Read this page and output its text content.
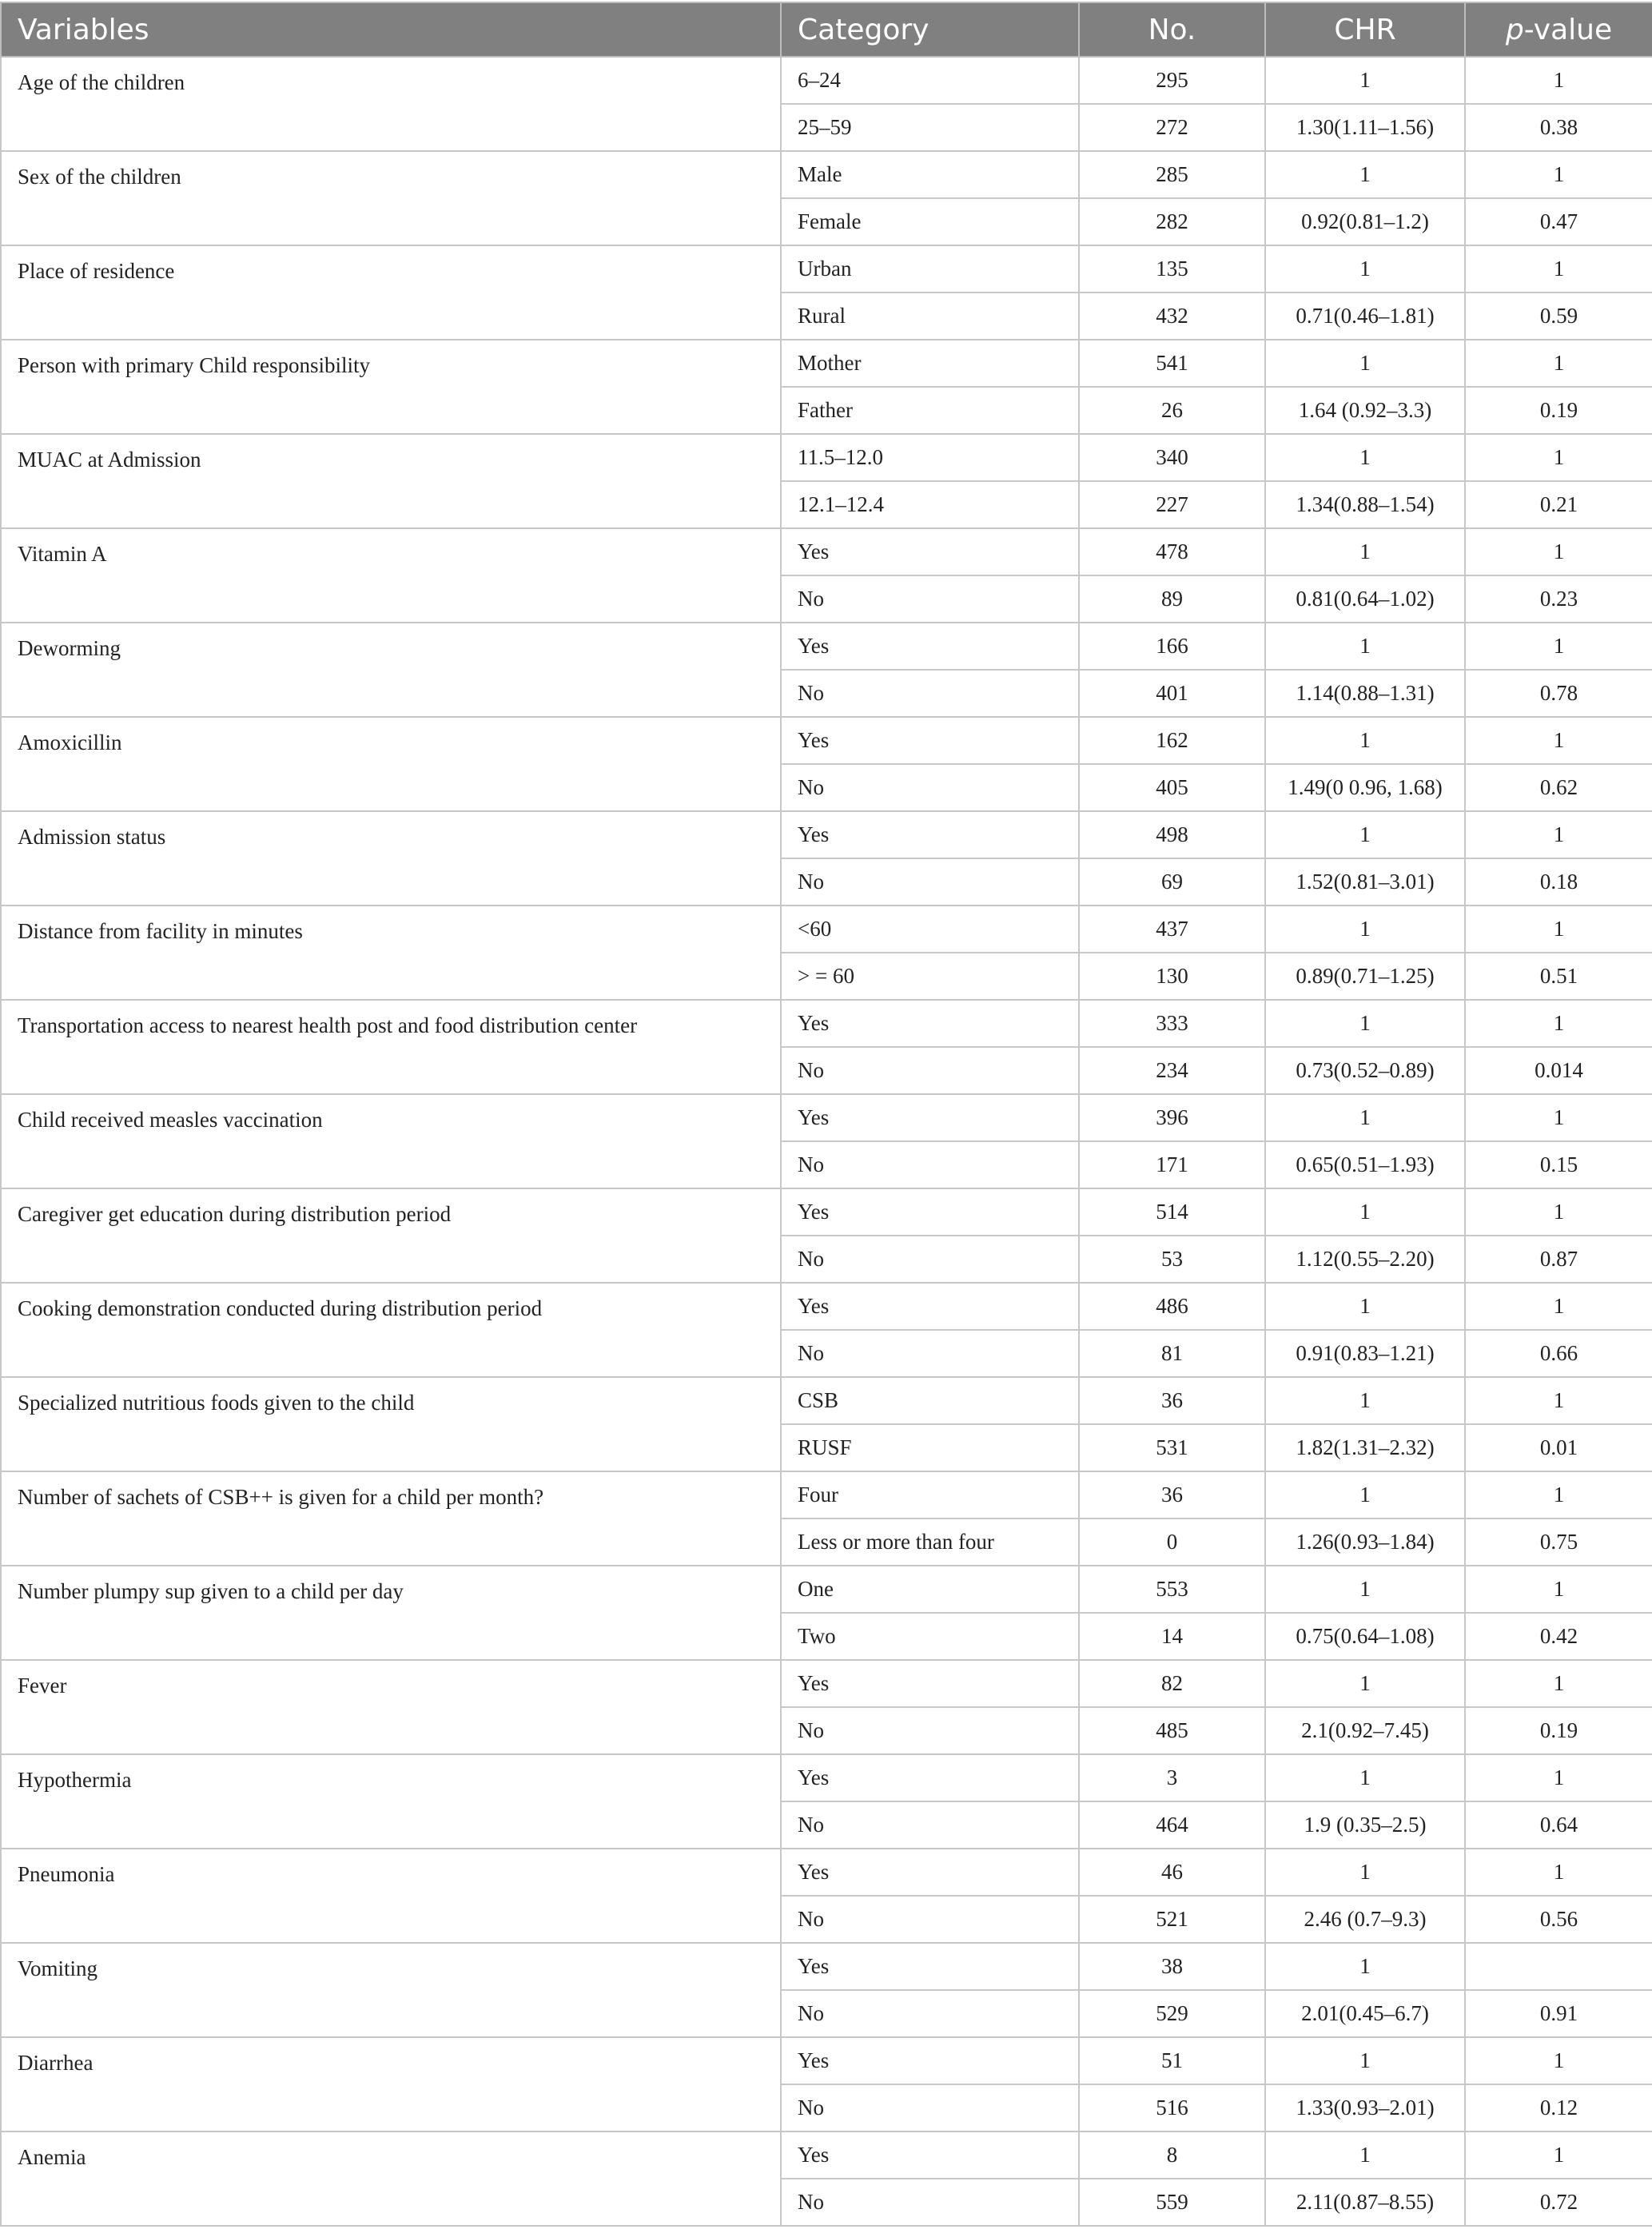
Variables	Category	No.	CHR	p-value
Age of the children	6–24	295	1	1
	25–59	272	1.30(1.11–1.56)	0.38
Sex of the children	Male	285	1	1
	Female	282	0.92(0.81–1.2)	0.47
Place of residence	Urban	135	1	1
	Rural	432	0.71(0.46–1.81)	0.59
Person with primary Child responsibility	Mother	541	1	1
	Father	26	1.64 (0.92–3.3)	0.19
MUAC at Admission	11.5–12.0	340	1	1
	12.1–12.4	227	1.34(0.88–1.54)	0.21
Vitamin A	Yes	478	1	1
	No	89	0.81(0.64–1.02)	0.23
Deworming	Yes	166	1	1
	No	401	1.14(0.88–1.31)	0.78
Amoxicillin	Yes	162	1	1
	No	405	1.49(0 0.96, 1.68)	0.62
Admission status	Yes	498	1	1
	No	69	1.52(0.81–3.01)	0.18
Distance from facility in minutes	<60	437	1	1
	> = 60	130	0.89(0.71–1.25)	0.51
Transportation access to nearest health post and food distribution center	Yes	333	1	1
	No	234	0.73(0.52–0.89)	0.014
Child received measles vaccination	Yes	396	1	1
	No	171	0.65(0.51–1.93)	0.15
Caregiver get education during distribution period	Yes	514	1	1
	No	53	1.12(0.55–2.20)	0.87
Cooking demonstration conducted during distribution period	Yes	486	1	1
	No	81	0.91(0.83–1.21)	0.66
Specialized nutritious foods given to the child	CSB	36	1	1
	RUSF	531	1.82(1.31–2.32)	0.01
Number of sachets of CSB++ is given for a child per month?	Four	36	1	1
	Less or more than four	0	1.26(0.93–1.84)	0.75
Number plumpy sup given to a child per day	One	553	1	1
	Two	14	0.75(0.64–1.08)	0.42
Fever	Yes	82	1	1
	No	485	2.1(0.92–7.45)	0.19
Hypothermia	Yes	3	1	1
	No	464	1.9 (0.35–2.5)	0.64
Pneumonia	Yes	46	1	1
	No	521	2.46 (0.7–9.3)	0.56
Vomiting	Yes	38	1	
	No	529	2.01(0.45–6.7)	0.91
Diarrhea	Yes	51	1	1
	No	516	1.33(0.93–2.01)	0.12
Anemia	Yes	8	1	1
	No	559	2.11(0.87–8.55)	0.72
